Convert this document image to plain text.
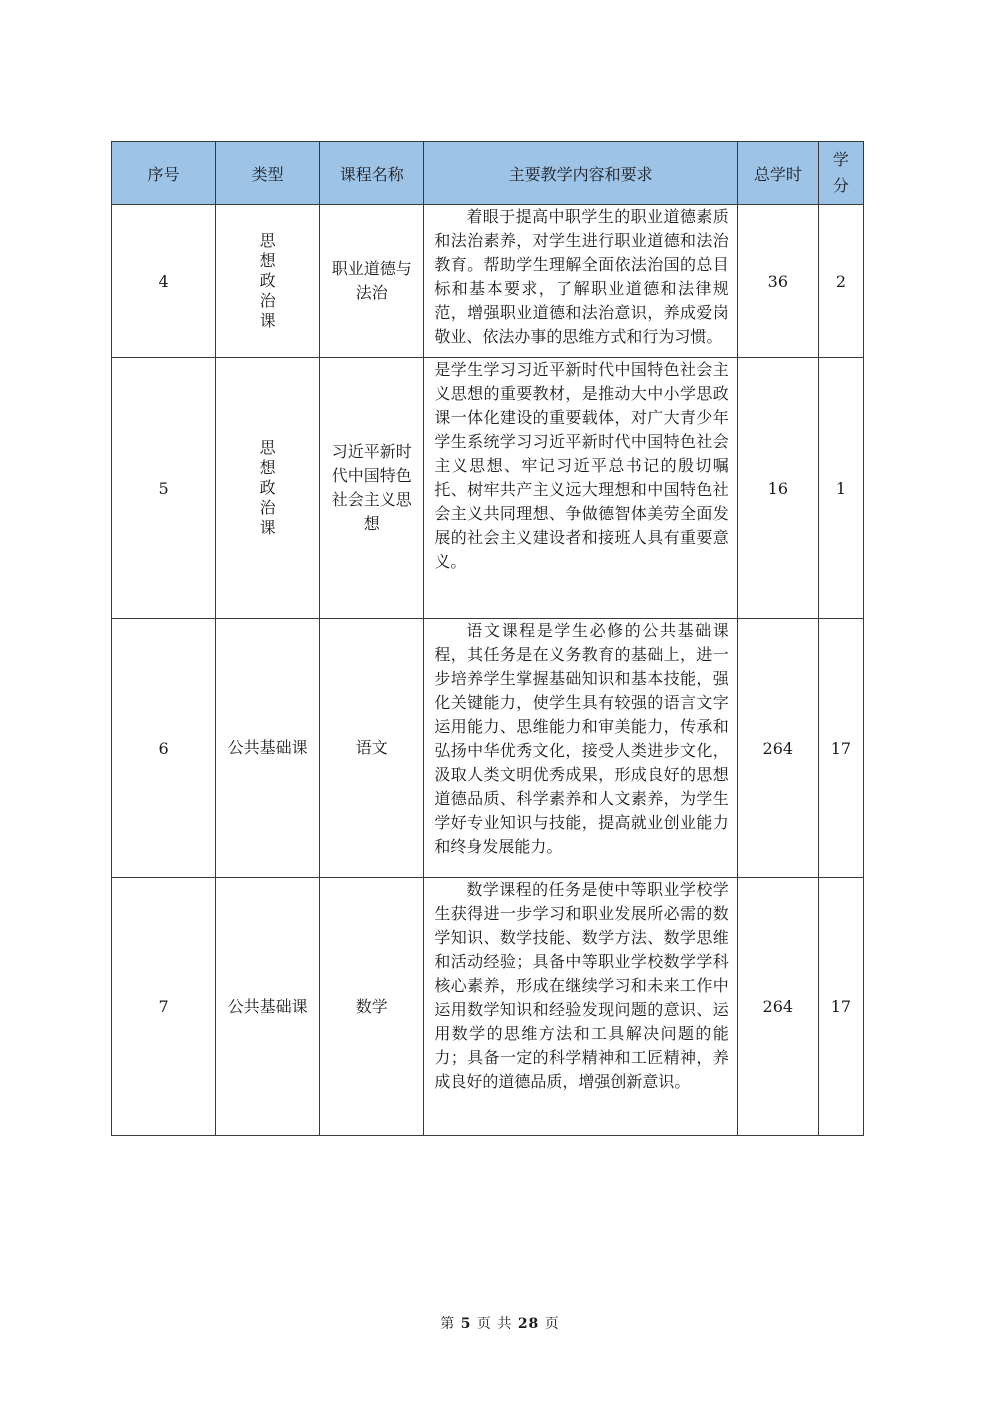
序号	类型	课程名称	主要教学内容和要求	总学时	学
分

4	思
想
政
治
课	职业道德与法治	着眼于提高中职学生的职业道德素质和法治素养，对学生进行职业道德和法治教育。帮助学生理解全面依法治国的总目标和基本要求，了解职业道德和法律规范，增强职业道德和法治意识，养成爱岗敬业、依法办事的思维方式和行为习惯。	36	2
5	思
想
政
治
课	习近平新时代中国特色社会主义思想	是学生学习习近平新时代中国特色社会主义思想的重要教材，是推动大中小学思政课一体化建设的重要载体，对广大青少年学生系统学习习近平新时代中国特色社会主义思想、牢记习近平总书记的殷切嘱托、树牢共产主义远大理想和中国特色社会主义共同理想、争做德智体美劳全面发展的社会主义建设者和接班人具有重要意义。	16	1
6	公共基础课	语文	语文课程是学生必修的公共基础课程，其任务是在义务教育的基础上，进一步培养学生掌握基础知识和基本技能，强化关键能力，使学生具有较强的语言文字运用能力、思维能力和审美能力，传承和弘扬中华优秀文化，接受人类进步文化，汲取人类文明优秀成果，形成良好的思想道德品质、科学素养和人文素养，为学生学好专业知识与技能，提高就业创业能力和终身发展能力。	264	17
7	公共基础课	数学	数学课程的任务是使中等职业学校学生获得进一步学习和职业发展所必需的数学知识、数学技能、数学方法、数学思维和活动经验；具备中等职业学校数学学科核心素养，形成在继续学习和未来工作中运用数学知识和经验发现问题的意识、运用数学的思维方法和工具解决问题的能力；具备一定的科学精神和工匠精神，养成良好的道德品质，增强创新意识。	264	17
第 5 页 共 28 页
